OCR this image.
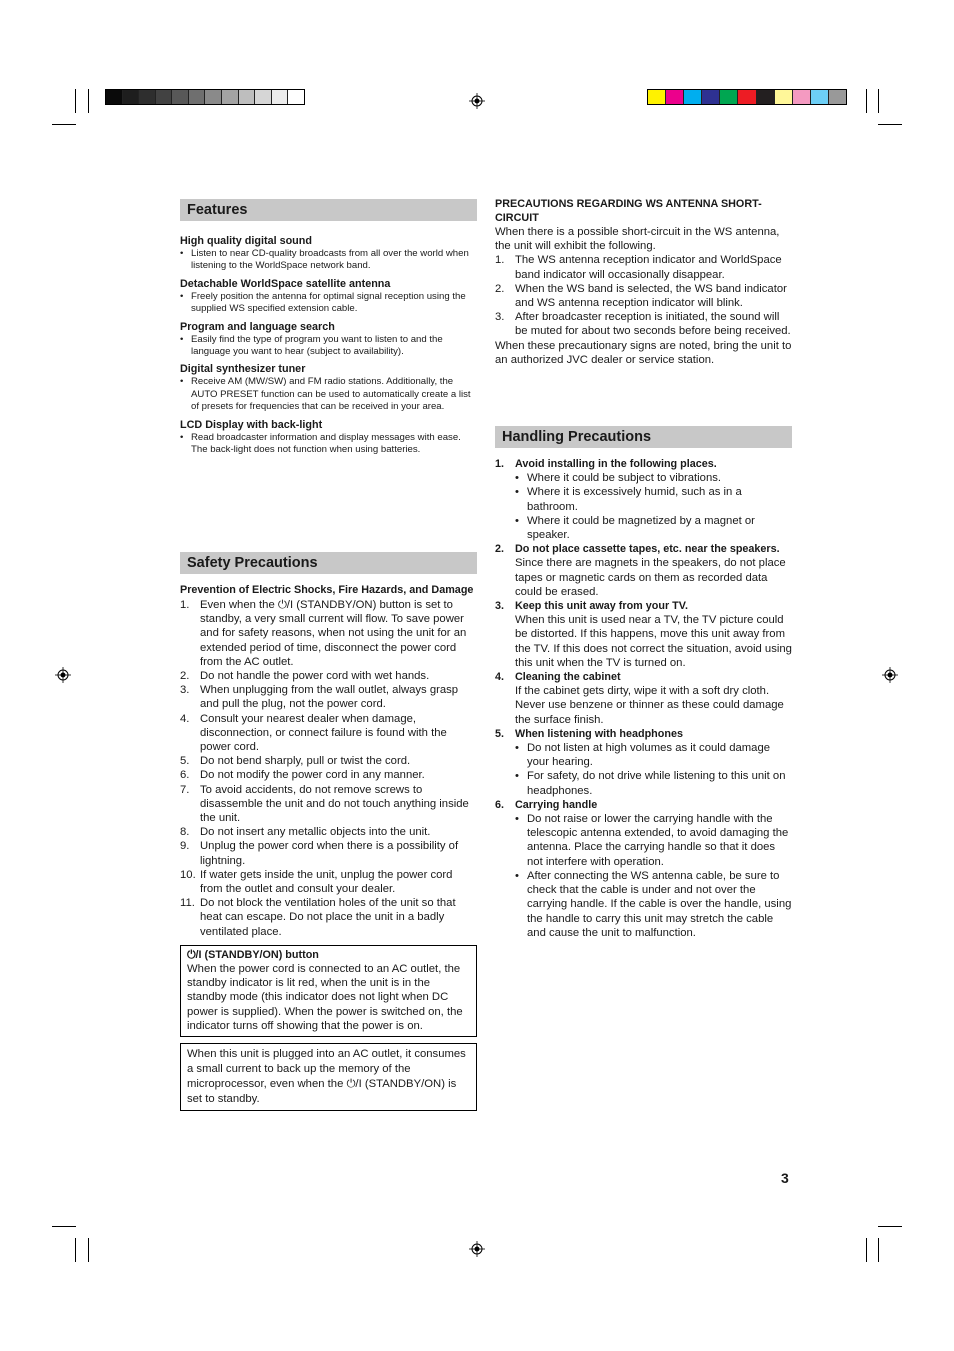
Features
High quality digital sound
• Listen to near CD-quality broadcasts from all over the world when listening to the WorldSpace network band.
Detachable WorldSpace satellite antenna
• Freely position the antenna for optimal signal reception using the supplied WS specified extension cable.
Program and language search
• Easily find the type of program you want to listen to and the language you want to hear (subject to availability).
Digital synthesizer tuner
• Receive AM (MW/SW) and FM radio stations. Additionally, the AUTO PRESET function can be used to automatically create a list of presets for frequencies that can be received in your area.
LCD Display with back-light
• Read broadcaster information and display messages with ease. The back-light does not function when using batteries.
Safety Precautions
Prevention of Electric Shocks, Fire Hazards, and Damage
1. Even when the ⏻/I (STANDBY/ON) button is set to standby, a very small current will flow. To save power and for safety reasons, when not using the unit for an extended period of time, disconnect the power cord from the AC outlet.
2. Do not handle the power cord with wet hands.
3. When unplugging from the wall outlet, always grasp and pull the plug, not the power cord.
4. Consult your nearest dealer when damage, disconnection, or connect failure is found with the power cord.
5. Do not bend sharply, pull or twist the cord.
6. Do not modify the power cord in any manner.
7. To avoid accidents, do not remove screws to disassemble the unit and do not touch anything inside the unit.
8. Do not insert any metallic objects into the unit.
9. Unplug the power cord when there is a possibility of lightning.
10. If water gets inside the unit, unplug the power cord from the outlet and consult your dealer.
11. Do not block the ventilation holes of the unit so that heat can escape. Do not place the unit in a badly ventilated place.
⏻/I (STANDBY/ON) button
When the power cord is connected to an AC outlet, the standby indicator is lit red, when the unit is in the standby mode (this indicator does not light when DC power is supplied). When the power is switched on, the indicator turns off showing that the power is on.
When this unit is plugged into an AC outlet, it consumes a small current to back up the memory of the microprocessor, even when the ⏻/I (STANDBY/ON) is set to standby.
PRECAUTIONS REGARDING WS ANTENNA SHORT-CIRCUIT
When there is a possible short-circuit in the WS antenna, the unit will exhibit the following.
1. The WS antenna reception indicator and WorldSpace band indicator will occasionally disappear.
2. When the WS band is selected, the WS band indicator and WS antenna reception indicator will blink.
3. After broadcaster reception is initiated, the sound will be muted for about two seconds before being received.
When these precautionary signs are noted, bring the unit to an authorized JVC dealer or service station.
Handling Precautions
1. Avoid installing in the following places.
• Where it could be subject to vibrations.
• Where it is excessively humid, such as in a bathroom.
• Where it could be magnetized by a magnet or speaker.
2. Do not place cassette tapes, etc. near the speakers.
Since there are magnets in the speakers, do not place tapes or magnetic cards on them as recorded data could be erased.
3. Keep this unit away from your TV.
When this unit is used near a TV, the TV picture could be distorted. If this happens, move this unit away from the TV. If this does not correct the situation, avoid using this unit when the TV is turned on.
4. Cleaning the cabinet
If the cabinet gets dirty, wipe it with a soft dry cloth. Never use benzene or thinner as these could damage the surface finish.
5. When listening with headphones
• Do not listen at high volumes as it could damage your hearing.
• For safety, do not drive while listening to this unit on headphones.
6. Carrying handle
• Do not raise or lower the carrying handle with the telescopic antenna extended, to avoid damaging the antenna. Place the carrying handle so that it does not interfere with operation.
• After connecting the WS antenna cable, be sure to check that the cable is under and not over the carrying handle. If the cable is over the handle, using the handle to carry this unit may stretch the cable and cause the unit to malfunction.
3
